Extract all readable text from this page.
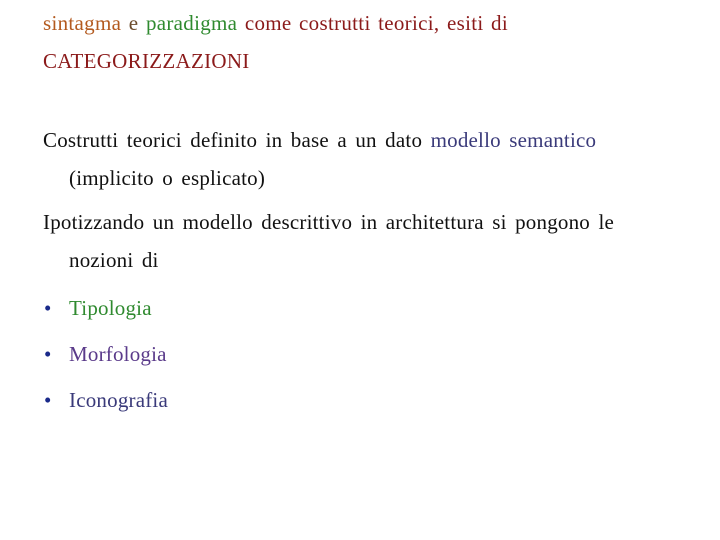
sintagma e paradigma come costrutti teorici, esiti di
CATEGORIZZAZIONI

Costrutti teorici definito in base a un dato modello semantico (implicito o esplicato)

Ipotizzando un modello descrittivo in architettura si pongono le nozioni di

• Tipologia
• Morfologia
• Iconografia
